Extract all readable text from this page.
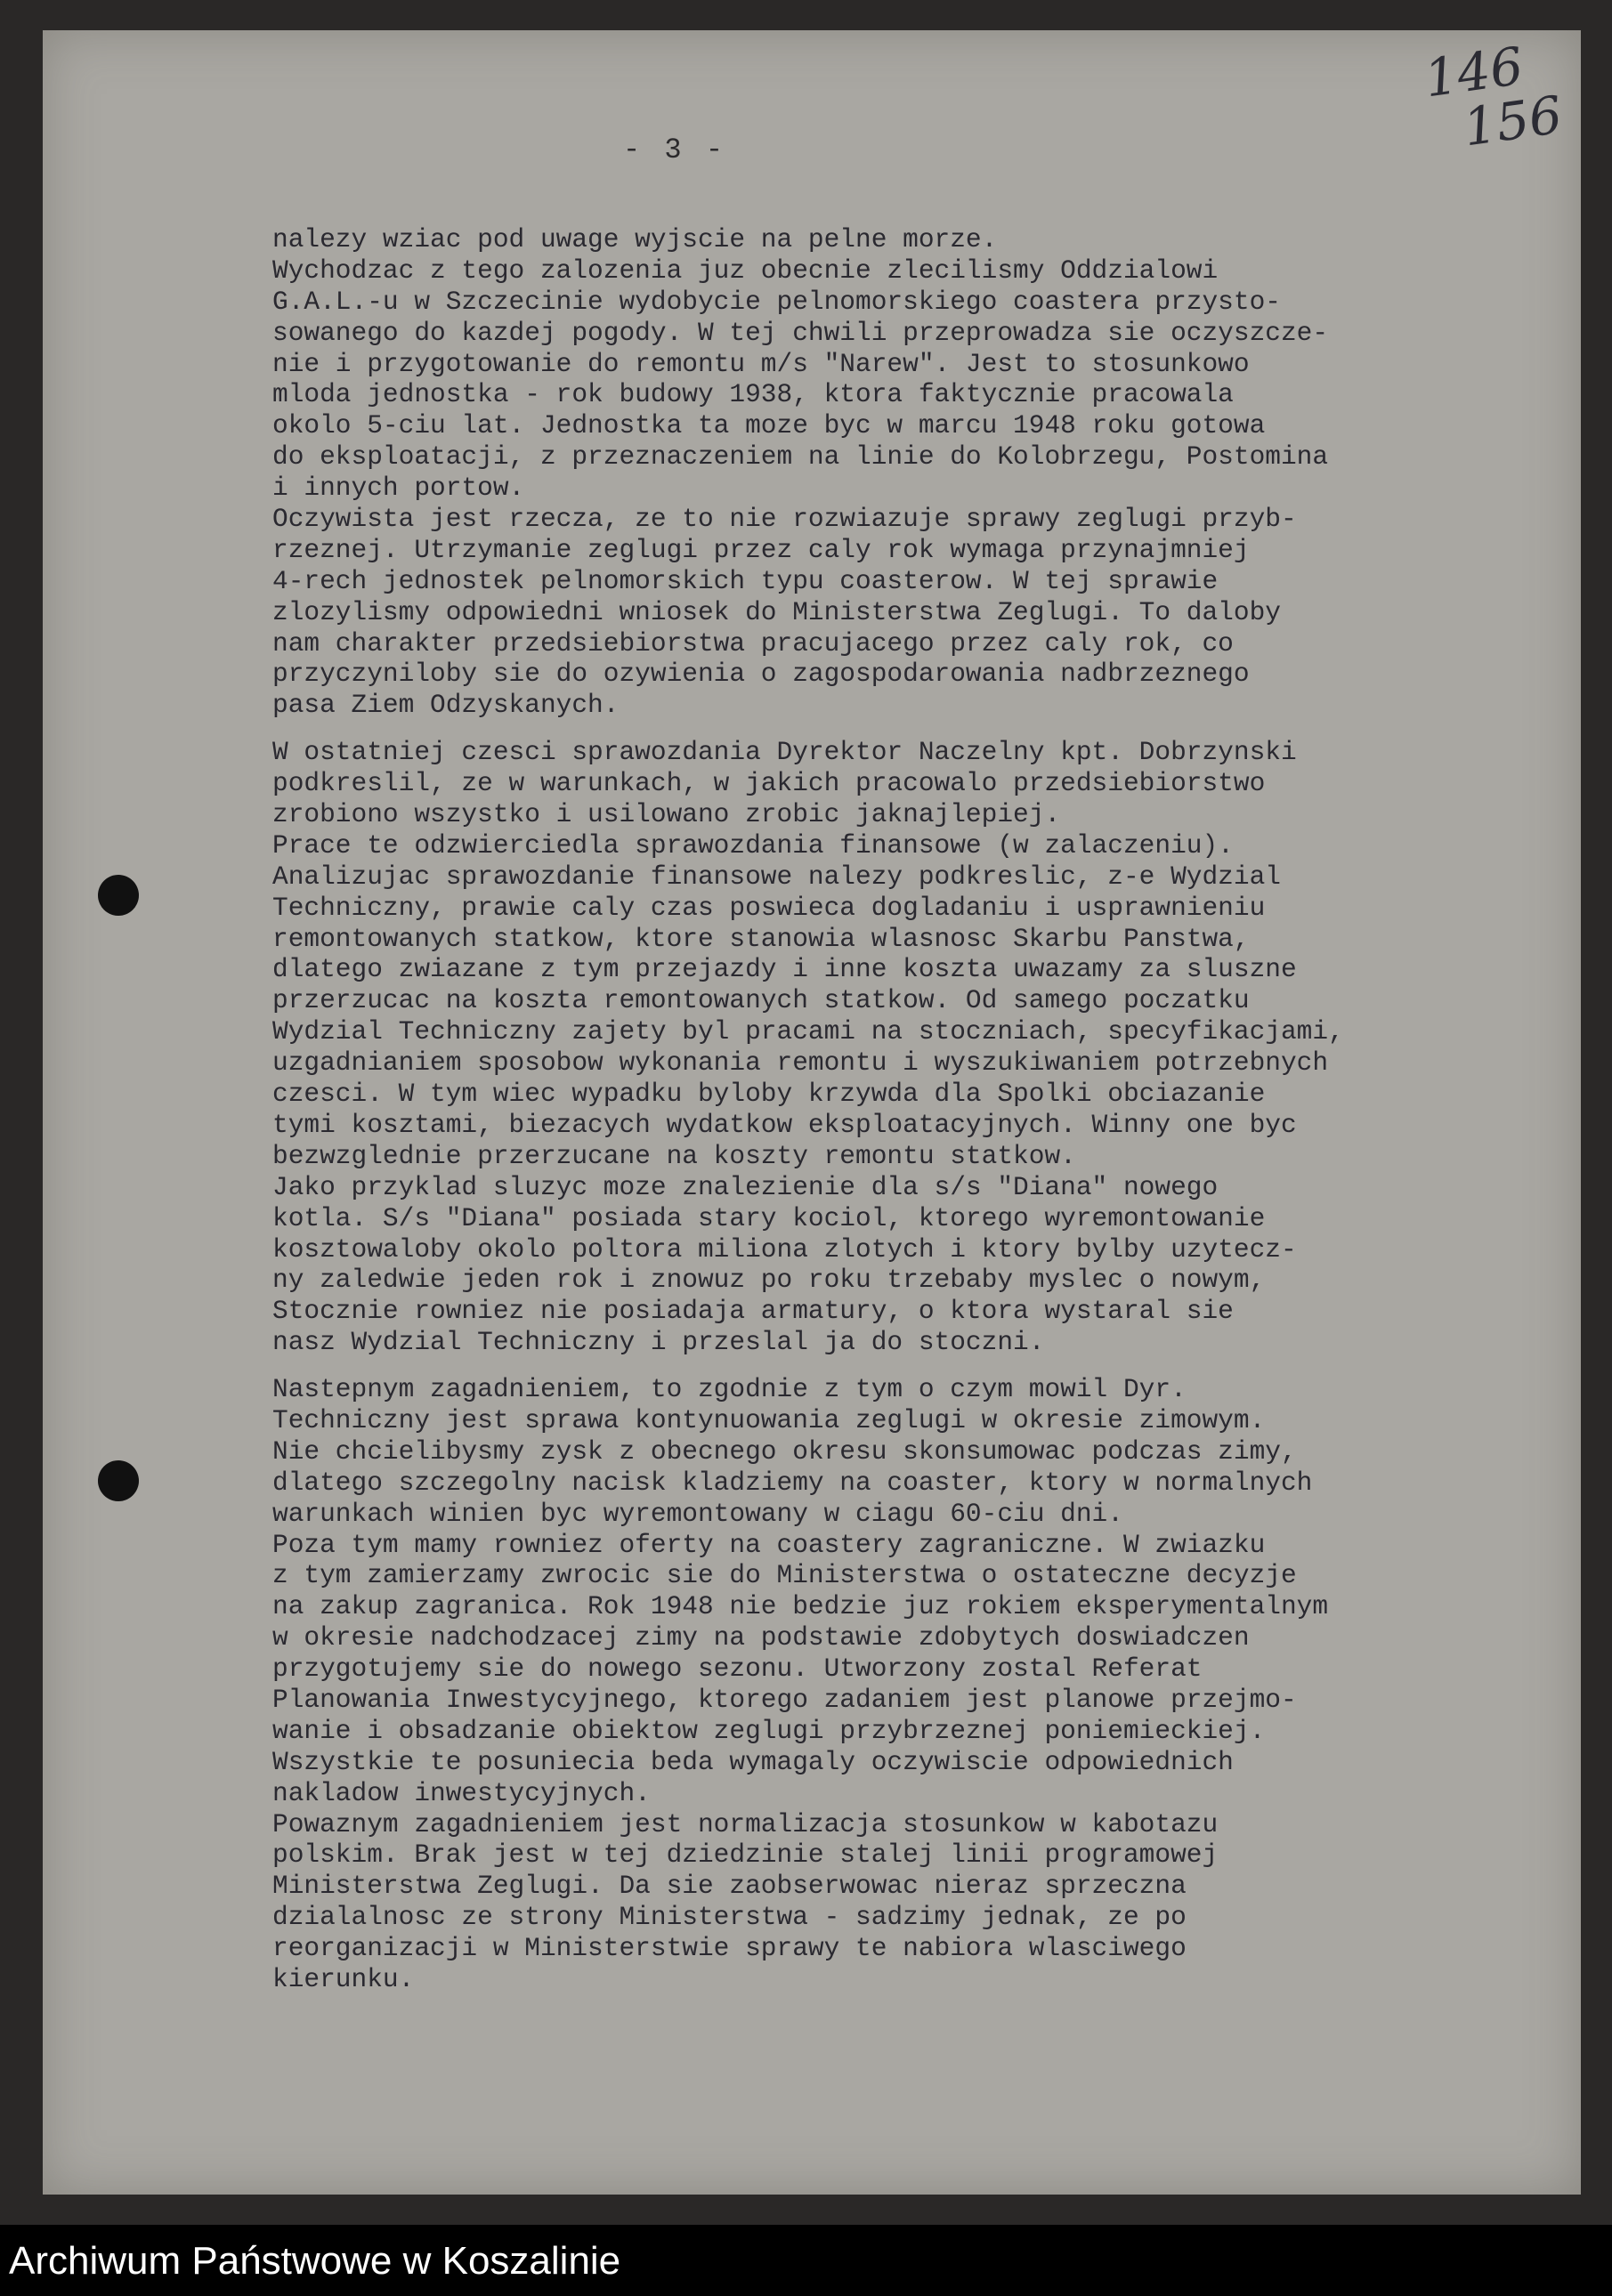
- 3 -
146
156
nalezy wziac pod uwage wyjscie na pelne morze.
Wychodzac z tego zalozenia juz obecnie zlecilismy Oddzialowi
G.A.L.-u w Szczecinie wydobycie pelnomorskiego coastera przysto-
sowanego do kazdej pogody. W tej chwili przeprowadza sie oczyszcze-
nie i przygotowanie do remontu m/s "Narew". Jest to stosunkowo
mloda jednostka - rok budowy 1938, ktora faktycznie pracowala
okolo 5-ciu lat. Jednostka ta moze byc w marcu 1948 roku gotowa
do eksploatacji, z przeznaczeniem na linie do Kolobrzegu, Postomina
i innych portow.
Oczywista jest rzecza, ze to nie rozwiazuje sprawy zeglugi przyb-
rzeznej. Utrzymanie zeglugi przez caly rok wymaga przynajmniej
4-rech jednostek pelnomorskich typu coasterow. W tej sprawie
zlozylismy odpowiedni wniosek do Ministerstwa Zeglugi. To daloby
nam charakter przedsiebiorstwa pracujacego przez caly rok, co
przyczyniloby sie do ozywienia o zagospodarowania nadbrzeznego
pasa Ziem Odzyskanych.
W ostatniej czesci sprawozdania Dyrektor Naczelny kpt. Dobrzynski
podkreslil, ze w warunkach, w jakich pracowalo przedsiebiorstwo
zrobiono wszystko i usilowano zrobic jaknajlepiej.
Prace te odzwierciedla sprawozdania finansowe (w zalaczeniu).
Analizujac sprawozdanie finansowe nalezy podkreslic, z-e Wydzial
Techniczny, prawie caly czas poswieca dogladaniu i usprawnieniu
remontowanych statkow, ktore stanowia wlasnosc Skarbu Panstwa,
dlatego zwiazane z tym przejazdy i inne koszta uwazamy za sluszne
przerzucac na koszta remontowanych statkow. Od samego poczatku
Wydzial Techniczny zajety byl pracami na stoczniach, specyfikacjami,
uzgadnianiem sposobow wykonania remontu i wyszukiwaniem potrzebnych
czesci. W tym wiec wypadku byloby krzywda dla Spolki obciazanie
tymi kosztami, biezacych wydatkow eksploatacyjnych. Winny one byc
bezwzglednie przerzucane na koszty remontu statkow.
Jako przyklad sluzyc moze znalezienie dla s/s "Diana" nowego
kotla. S/s "Diana" posiada stary kociol, ktorego wyremontowanie
kosztowaloby okolo poltora miliona zlotych i ktory bylby uzytecz-
ny zaledwie jeden rok i znowuz po roku trzebaby myslec o nowym,
Stocznie rowniez nie posiadaja armatury, o ktora wystaral sie
nasz Wydzial Techniczny i przeslal ja do stoczni.
Nastepnym zagadnieniem, to zgodnie z tym o czym mowil Dyr.
Techniczny jest sprawa kontynuowania zeglugi w okresie zimowym.
Nie chcielibysmy zysk z obecnego okresu skonsumowac podczas zimy,
dlatego szczegolny nacisk kladziemy na coaster, ktory w normalnych
warunkach winien byc wyremontowany w ciagu 60-ciu dni.
Poza tym mamy rowniez oferty na coastery zagraniczne. W zwiazku
z tym zamierzamy zwrocic sie do Ministerstwa o ostateczne decyzje
na zakup zagranica. Rok 1948 nie bedzie juz rokiem eksperymentalnym
w okresie nadchodzacej zimy na podstawie zdobytych doswiadczen
przygotujemy sie do nowego sezonu. Utworzony zostal Referat
Planowania Inwestycyjnego, ktorego zadaniem jest planowe przejmo-
wanie i obsadzanie obiektow zeglugi przybrzeznej poniemieckiej.
Wszystkie te posuniecia beda wymagaly oczywiscie odpowiednich
nakladow inwestycyjnych.
Powaznym zagadnieniem jest normalizacja stosunkow w kabotazu
polskim. Brak jest w tej dziedzinie stalej linii programowej
Ministerstwa Zeglugi. Da sie zaobserwowac nieraz sprzeczna
dzialalnosc ze strony Ministerstwa - sadzimy jednak, ze po
reorganizacji w Ministerstwie sprawy te nabiora wlasciwego
kierunku.
Archiwum Państwowe w Koszalinie
